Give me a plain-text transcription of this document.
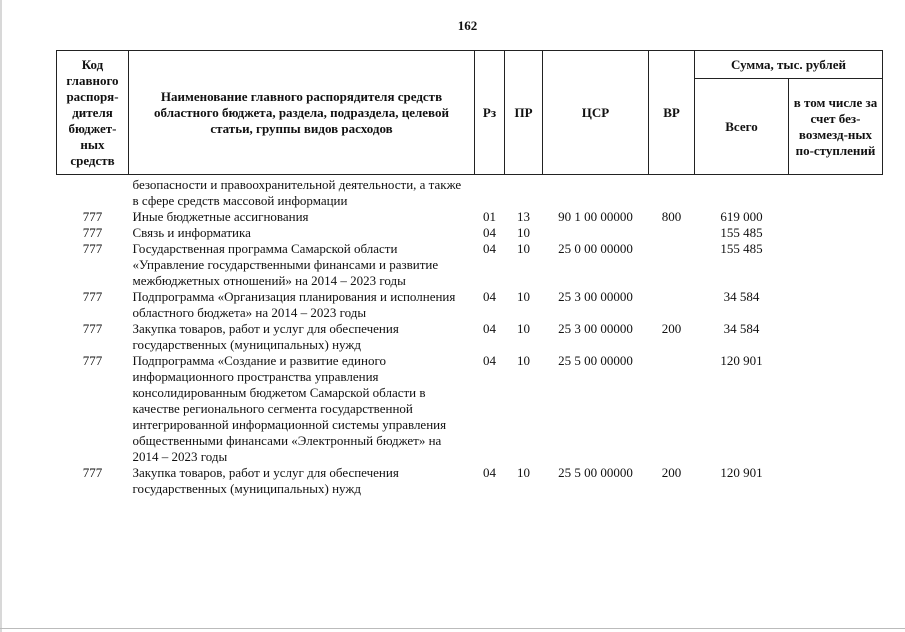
162
Код главного распоря-дителя бюджет-ных средств	Наименование главного распорядителя средств областного бюджета, раздела, подраздела, целевой статьи, группы видов расходов	Рз	ПР	ЦСР	ВР	Сумма, тыс. рублей	
						Всего	в том числе за счет без-возмезд-ных по-ступлений
	безопасности и правоохранительной деятельности, а также в сфере средств массовой информации						
777	Иные бюджетные ассигнования	01	13	90 1 00 00000	800	619 000	
777	Связь и информатика	04	10			155 485	
777	Государственная программа Самарской области «Управление государственными финансами и развитие межбюджетных отношений» на 2014 – 2023 годы	04	10	25 0 00 00000		155 485	
777	Подпрограмма «Организация планирования и исполнения областного бюджета» на 2014 – 2023 годы	04	10	25 3 00 00000		34 584	
777	Закупка товаров, работ и услуг для обеспечения государственных (муниципальных) нужд	04	10	25 3 00 00000	200	34 584	
777	Подпрограмма «Создание и развитие единого информационного пространства управления консолидированным бюджетом Самарской области в качестве регионального сегмента государственной интегрированной информационной системы управления общественными финансами «Электронный бюджет» на 2014 – 2023 годы	04	10	25 5 00 00000		120 901	
777	Закупка товаров, работ и услуг для обеспечения государственных (муниципальных) нужд	04	10	25 5 00 00000	200	120 901	
